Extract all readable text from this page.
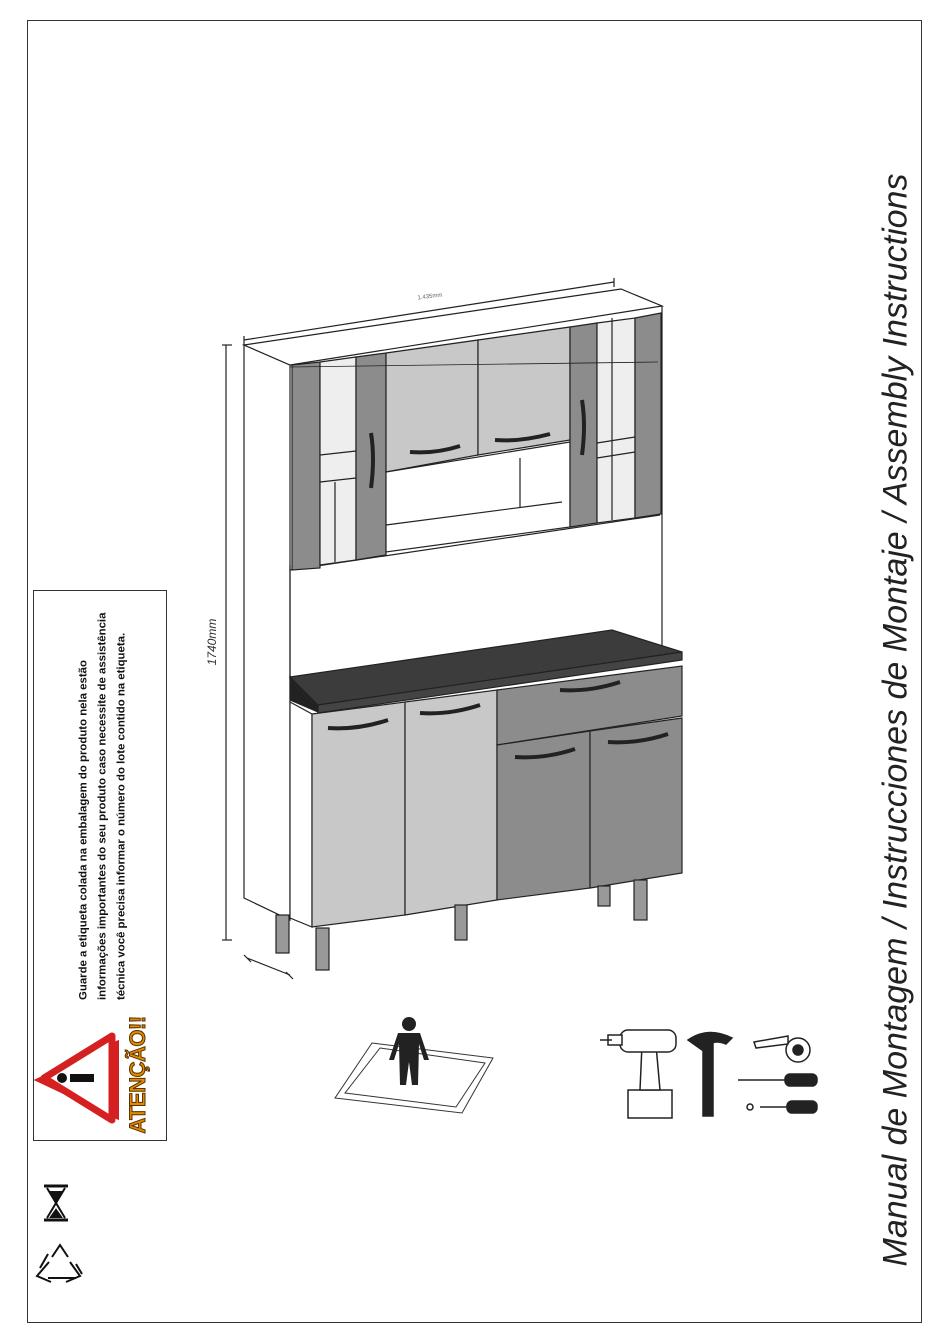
1740mm
1.435mm
Guarde a etiqueta colada na embalagem do produto nela estão informações importantes do seu produto caso necessite de assistência técnica você precisa informar o número do lote contido na etiqueta.
ATENÇÃO!!	Manual de Montagem / Instrucciones de Montaje / Assembly Instructions
